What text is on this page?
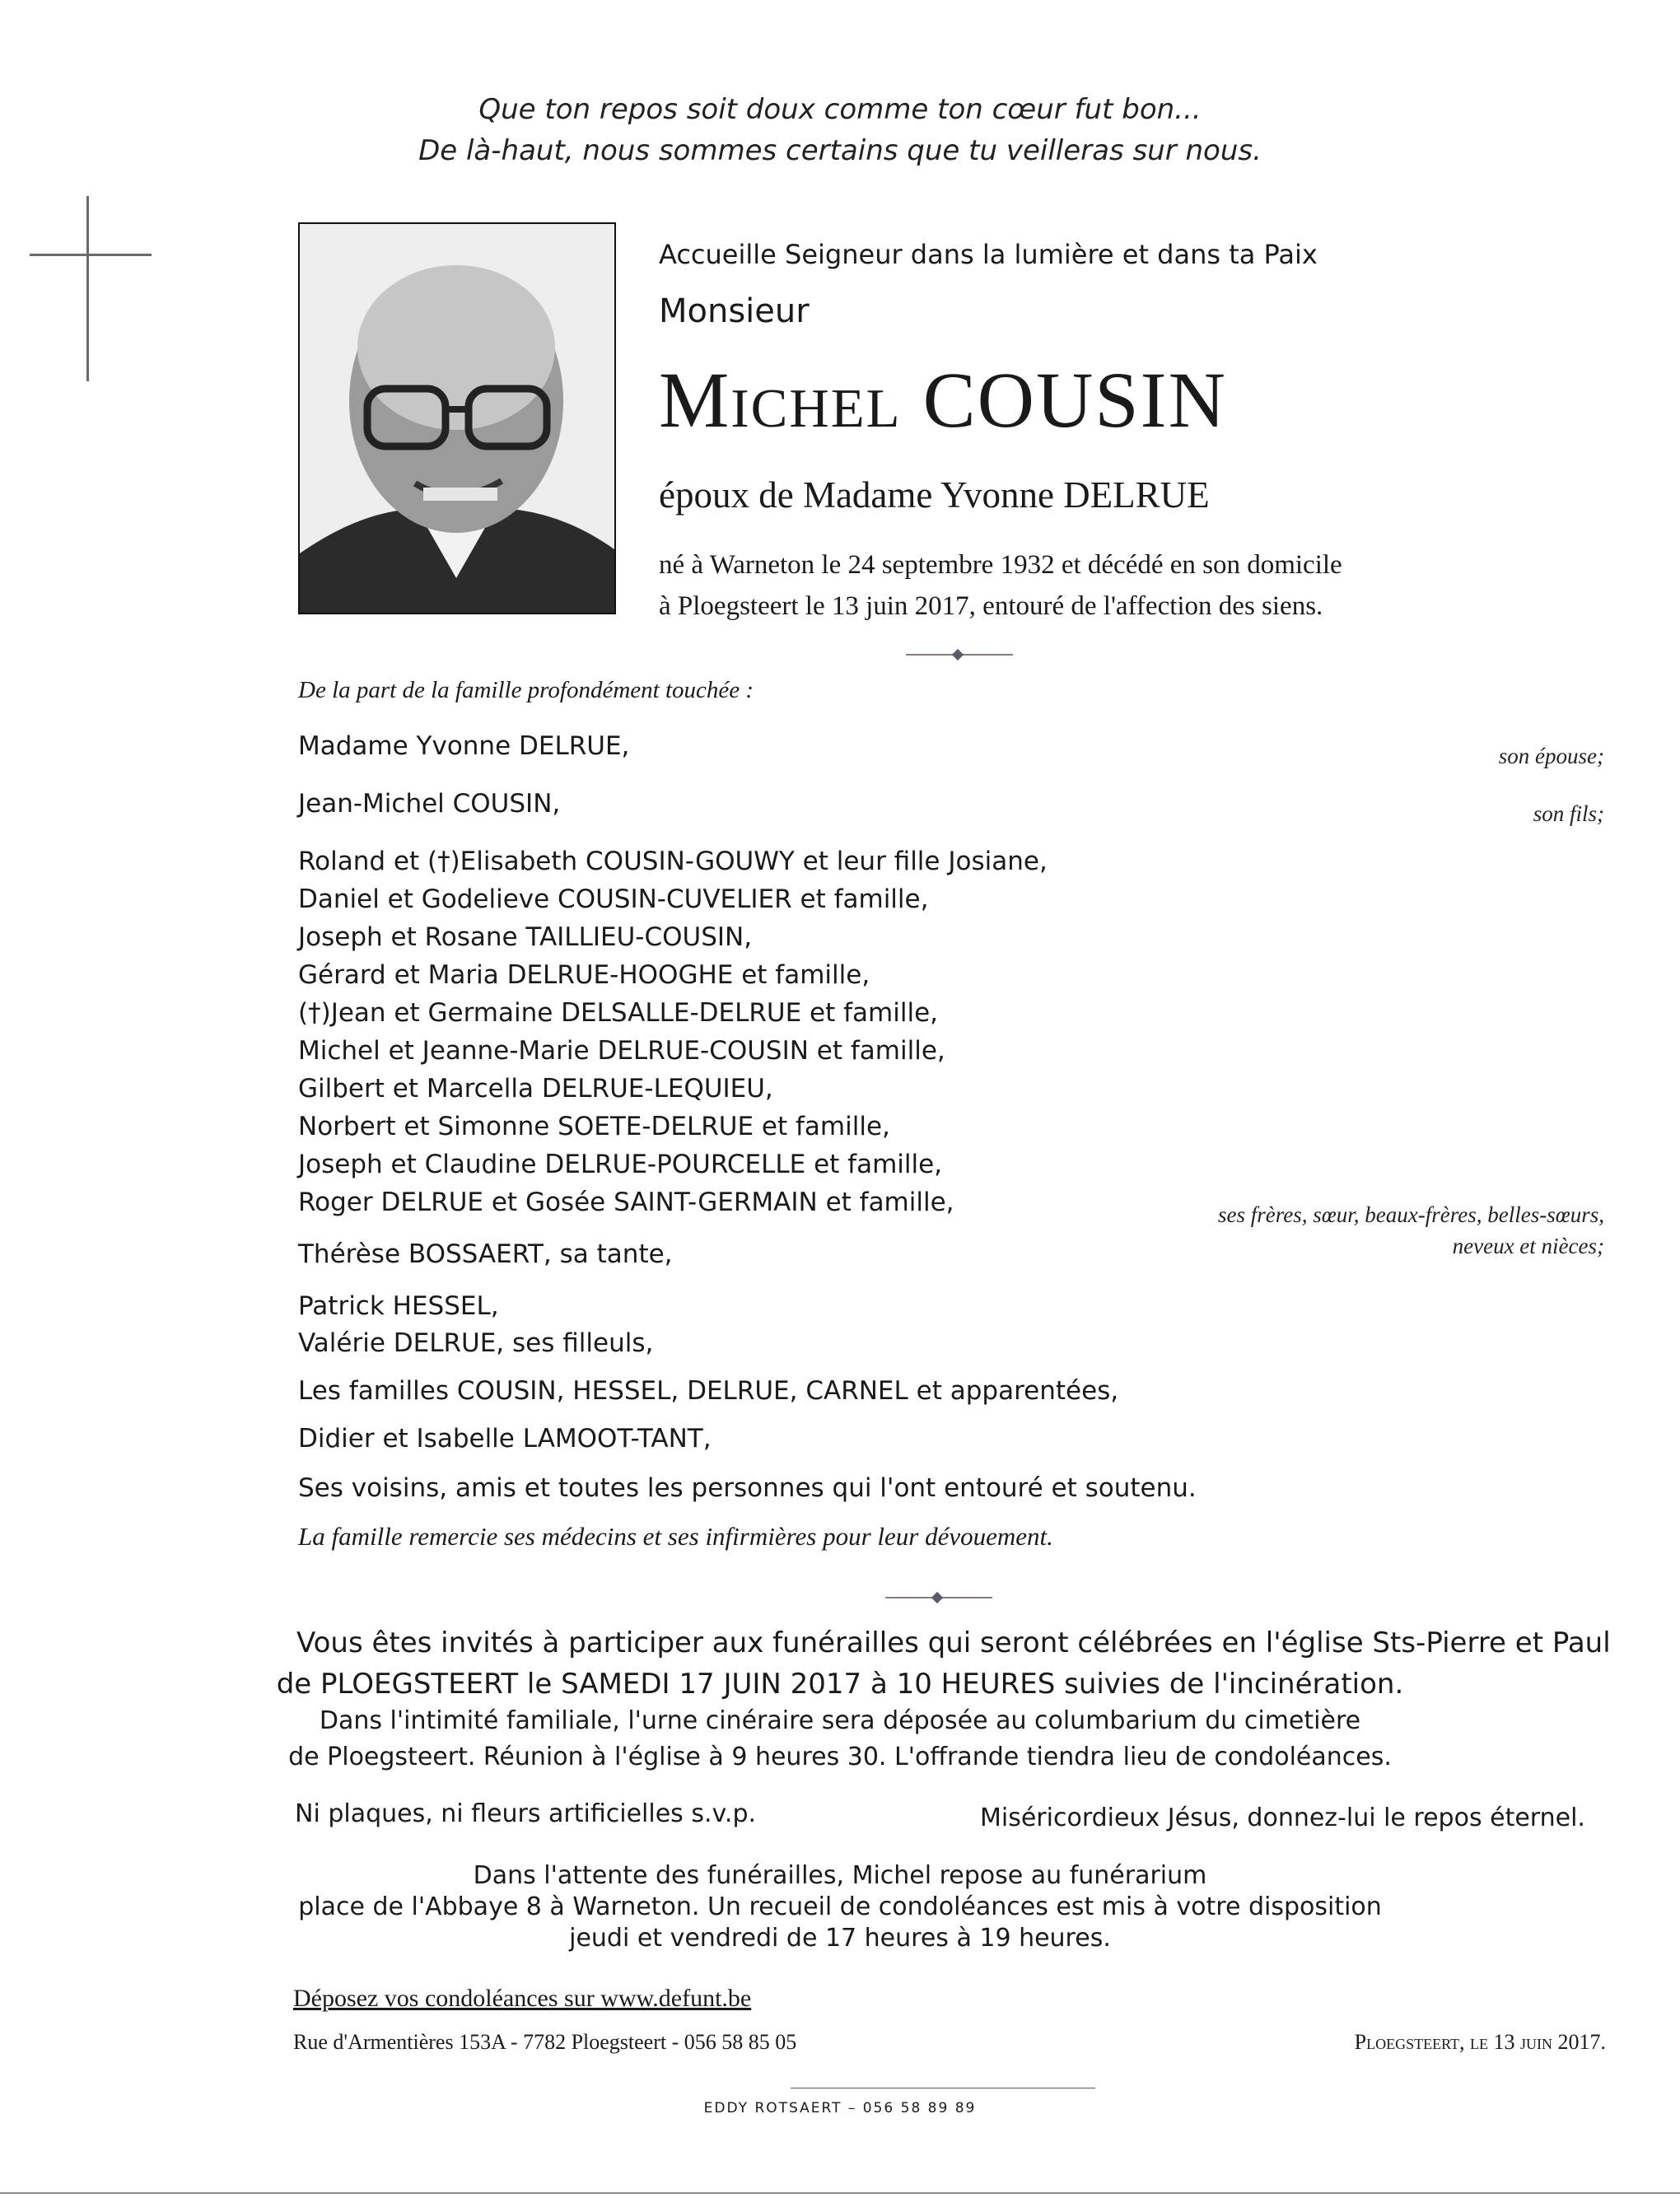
Que ton repos soit doux comme ton cœur fut bon...
De là-haut, nous sommes certains que tu veilleras sur nous.
Accueille Seigneur dans la lumière et dans ta Paix
Monsieur
Michel COUSIN
époux de Madame Yvonne DELRUE
né à Warneton le 24 septembre 1932 et décédé en son domicile
à Ploegsteert le 13 juin 2017, entouré de l'affection des siens.
De la part de la famille profondément touchée :
Madame Yvonne DELRUE,
Jean-Michel COUSIN,
Roland et (†)Elisabeth COUSIN-GOUWY et leur fille Josiane,
Daniel et Godelieve COUSIN-CUVELIER et famille,
Joseph et Rosane TAILLIEU-COUSIN,
Gérard et Maria DELRUE-HOOGHE et famille,
(†)Jean et Germaine DELSALLE-DELRUE et famille,
Michel et Jeanne-Marie DELRUE-COUSIN et famille,
Gilbert et Marcella DELRUE-LEQUIEU,
Norbert et Simonne SOETE-DELRUE et famille,
Joseph et Claudine DELRUE-POURCELLE et famille,
Roger DELRUE et Gosée SAINT-GERMAIN et famille,
Thérèse BOSSAERT, sa tante,
Patrick HESSEL,
Valérie DELRUE, ses filleuls,
Les familles COUSIN, HESSEL, DELRUE, CARNEL et apparentées,
Didier et Isabelle LAMOOT-TANT,
Ses voisins, amis et toutes les personnes qui l'ont entouré et soutenu.
son épouse;
son fils;
ses frères, sœur, beaux-frères, belles-sœurs,
neveux et nièces;
La famille remercie ses médecins et ses infirmières pour leur dévouement.
Vous êtes invités à participer aux funérailles qui seront célébrées en l'église Sts-Pierre et Paul
de PLOEGSTEERT le SAMEDI 17 JUIN 2017 à 10 HEURES suivies de l'incinération.
Dans l'intimité familiale, l'urne cinéraire sera déposée au columbarium du cimetière
de Ploegsteert. Réunion à l'église à 9 heures 30. L'offrande tiendra lieu de condoléances.
Ni plaques, ni fleurs artificielles s.v.p.	Miséricordieux Jésus, donnez-lui le repos éternel.
Dans l'attente des funérailles, Michel repose au funérarium
place de l'Abbaye 8 à Warneton. Un recueil de condoléances est mis à votre disposition
jeudi et vendredi de 17 heures à 19 heures.
Déposez vos condoléances sur www.defunt.be
Rue d'Armentières 153A - 7782 Ploegsteert - 056 58 85 05	Ploegsteert, le 13 juin 2017.
EDDY ROTSAERT – 056 58 89 89
